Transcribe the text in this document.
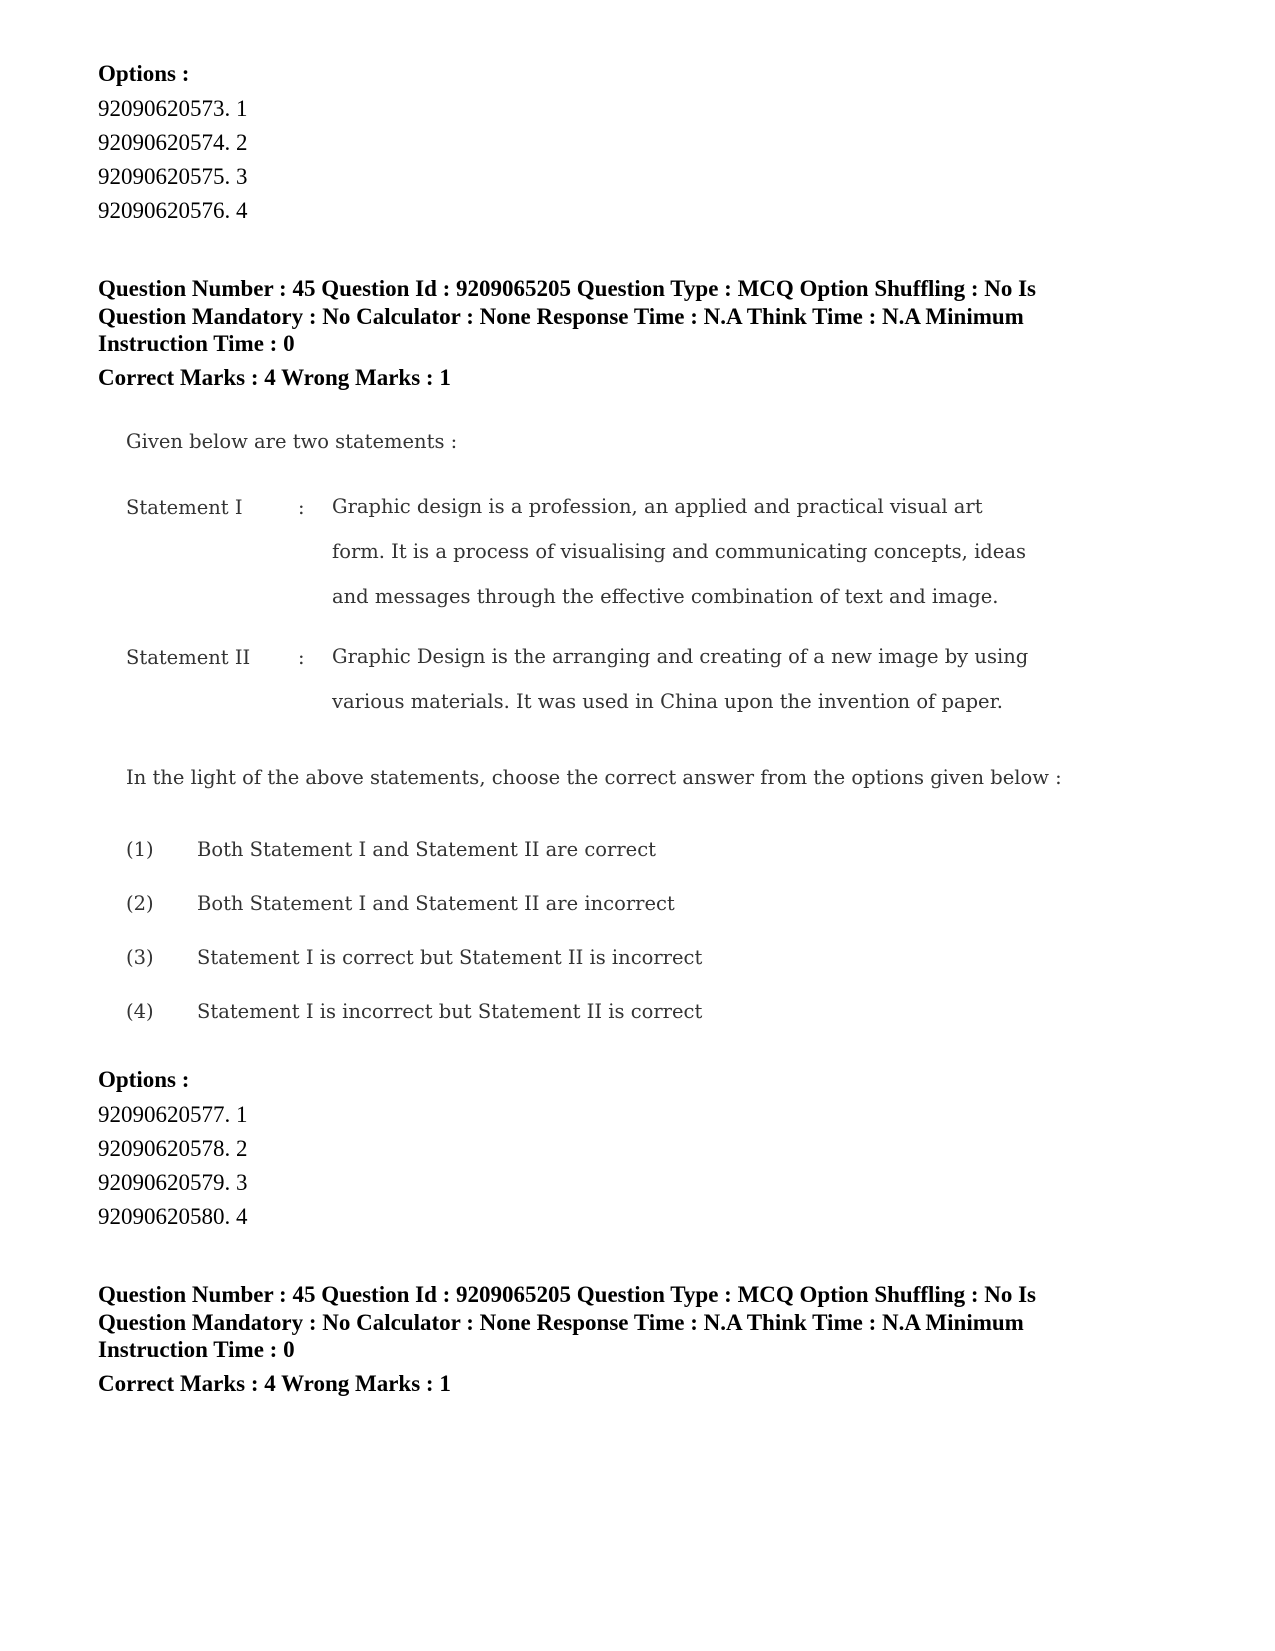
Options :
92090620573. 1
92090620574. 2
92090620575. 3
92090620576. 4
Question Number : 45 Question Id : 9209065205 Question Type : MCQ Option Shuffling : No Is
Question Mandatory : No Calculator : None Response Time : N.A Think Time : N.A Minimum
Instruction Time : 0
Correct Marks : 4 Wrong Marks : 1
Given below are two statements :
Statement I	: Graphic design is a profession, an applied and practical visual art
form. It is a process of visualising and communicating concepts, ideas
and messages through the effective combination of text and image.
Statement II : Graphic Design is the arranging and creating of a new image by using
various materials. It was used in China upon the invention of paper.
In the light of the above statements, choose the correct answer from the options given below :
(1) Both Statement I and Statement II are correct
(2) Both Statement I and Statement II are incorrect
(3) Statement I is correct but Statement II is incorrect
(4) Statement I is incorrect but Statement II is correct
Options :
92090620577. 1
92090620578. 2
92090620579. 3
92090620580. 4
Question Number : 45 Question Id : 9209065205 Question Type : MCQ Option Shuffling : No Is
Question Mandatory : No Calculator : None Response Time : N.A Think Time : N.A Minimum
Instruction Time : 0
Correct Marks : 4 Wrong Marks : 1
